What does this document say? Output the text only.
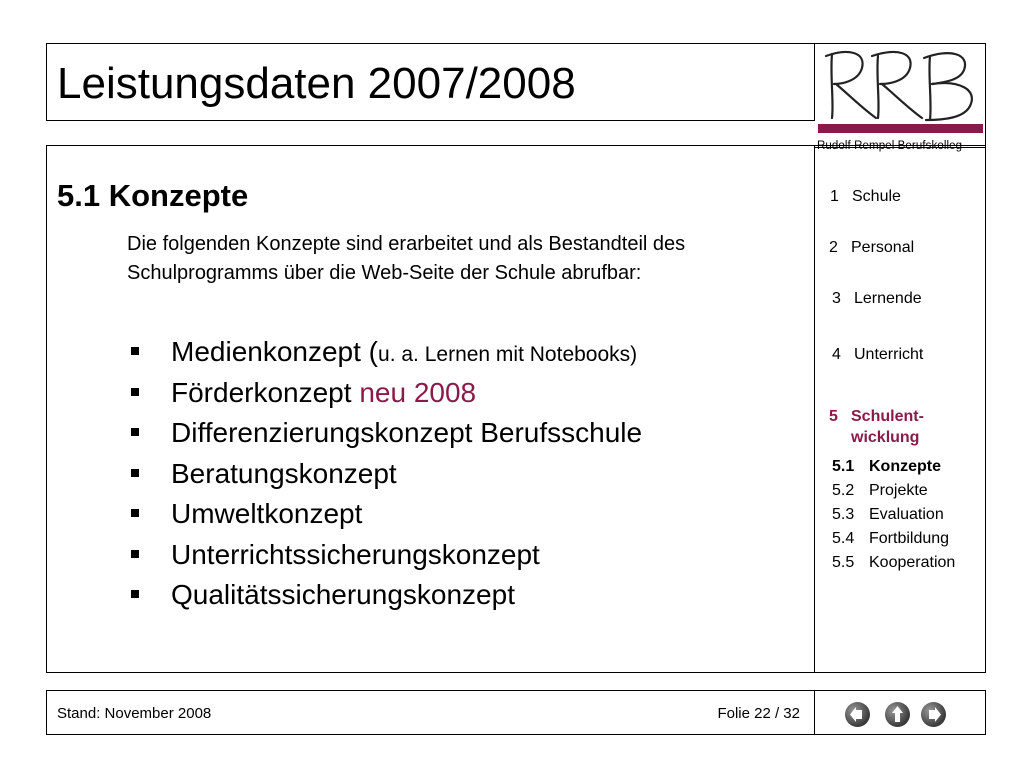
Leistungsdaten 2007/2008
Rudolf Rempel Berufskolleg
5.1 Konzepte
Die folgenden Konzepte sind erarbeitet und als Bestandteil des Schulprogramms über die Web-Seite der Schule abrufbar:
Medienkonzept (u. a. Lernen mit Notebooks)
Förderkonzept neu 2008
Differenzierungskonzept Berufsschule
Beratungskonzept
Umweltkonzept
Unterrichtssicherungskonzept
Qualitätssicherungskonzept
1 Schule
2 Personal
3 Lernende
4 Unterricht
5 Schulent-
wicklung
5.1 Konzepte
5.2 Projekte
5.3 Evaluation
5.4 Fortbildung
5.5 Kooperation
Stand: November 2008	Folie 22 / 32
